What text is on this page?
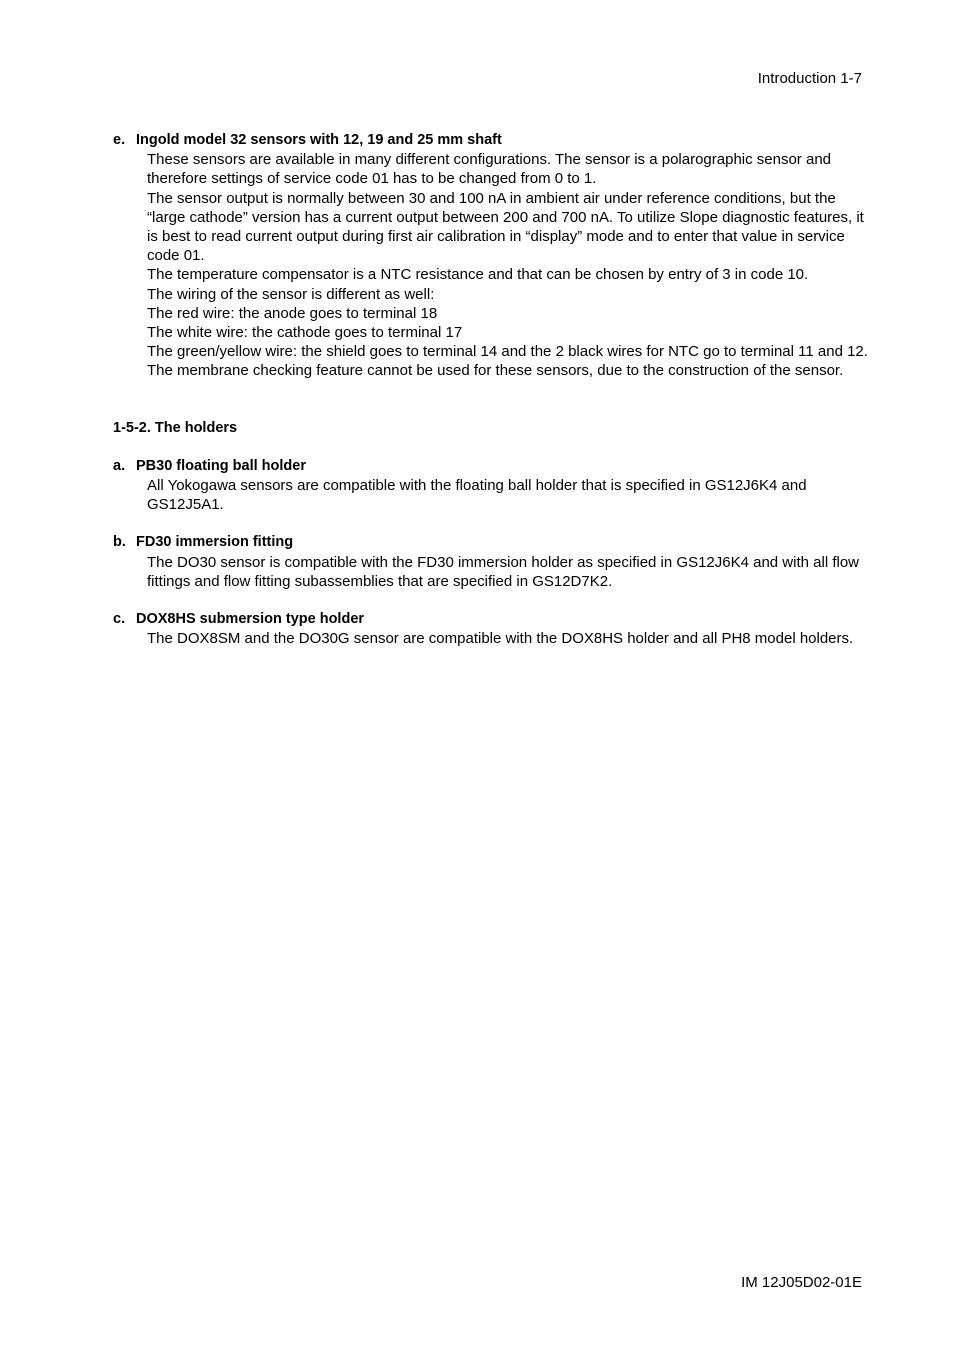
Introduction 1-7
e. Ingold model 32 sensors with 12, 19 and 25 mm shaft

These sensors are available in many different configurations. The sensor is a polarographic sensor and therefore settings of service code 01 has to be changed from 0 to 1.

The sensor output is normally between 30 and 100 nA in ambient air under reference conditions, but the “large cathode” version has a current output between 200 and 700 nA. To utilize Slope diagnostic features, it is best to read current output during first air calibration in “display” mode and to enter that value in service code 01.

The temperature compensator is a NTC resistance and that can be chosen by entry of 3 in code 10.

The wiring of the sensor is different as well:

The red wire: the anode goes to terminal 18

The white wire: the cathode goes to terminal 17

The green/yellow wire: the shield goes to terminal 14 and the 2 black wires for NTC go to terminal 11 and 12.

The membrane checking feature cannot be used for these sensors, due to the construction of the sensor.

1-5-2. The holders
a. PB30 floating ball holder

All Yokogawa sensors are compatible with the floating ball holder that is specified in GS12J6K4 and GS12J5A1.

b. FD30 immersion fitting

The DO30 sensor is compatible with the FD30 immersion holder as specified in GS12J6K4 and with all flow fittings and flow fitting subassemblies that are specified in GS12D7K2.

c. DOX8HS submersion type holder

The DOX8SM and the DO30G sensor are compatible with the DOX8HS holder and all PH8 model holders.

IM 12J05D02-01E
